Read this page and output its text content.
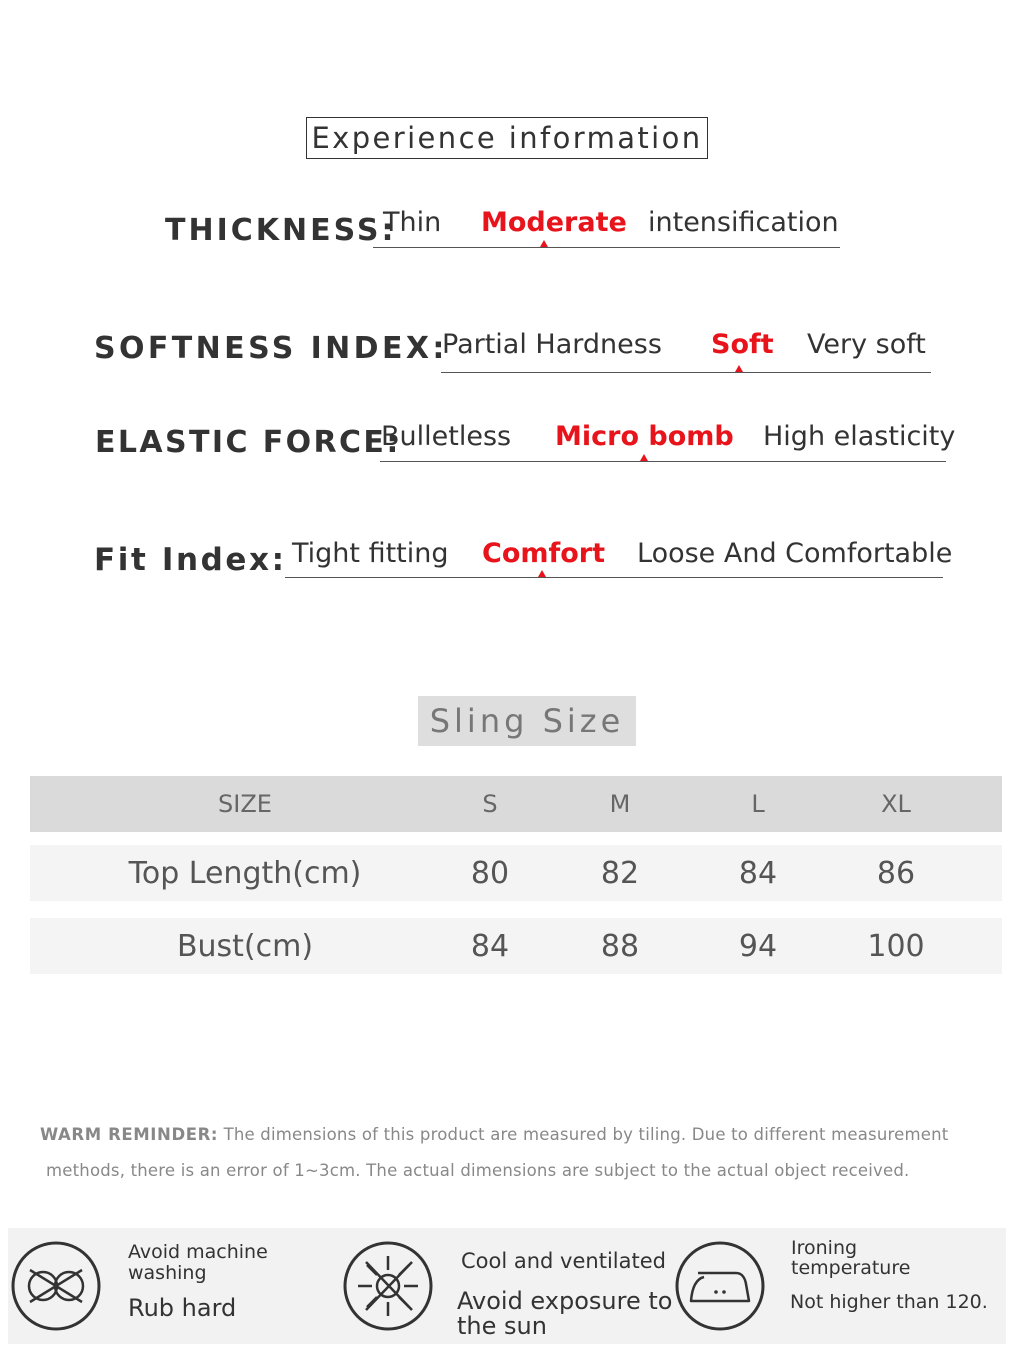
Experience information
THICKNESS:
Thin Moderate intensification
SOFTNESS INDEX:
Partial Hardness Soft Very soft
ELASTIC FORCE:
Bulletless Micro bomb High elasticity
Fit Index: Tight fitting Comfort Loose And Comfortable
Sling Size
SIZE	S	M	L	XL
Top Length(cm)	80	82	84	86
Bust(cm)	84	88	94	100
WARM REMINDER: The dimensions of this product are measured by tiling. Due to different measurement
methods, there is an error of 1~3cm. The actual dimensions are subject to the actual object received.
Avoid machine
washing
Rub hard
Cool and ventilated
Avoid exposure to
the sun
Ironing
temperature
Not higher than 120.
